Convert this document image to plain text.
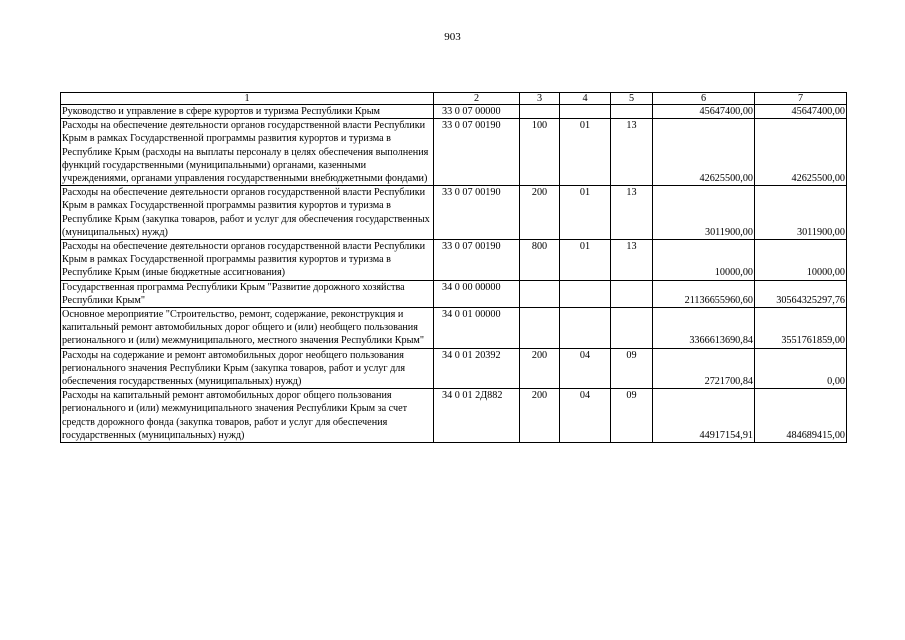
903
1	2	3	4	5	6	7
Руководство и управление в сфере курортов и туризма Республики Крым	33 0 07 00000				45647400,00	45647400,00
Расходы на обеспечение деятельности органов государственной власти Республики Крым в рамках Государственной программы развития курортов и туризма в Республике Крым (расходы на выплаты персоналу в целях обеспечения выполнения функций государственными (муниципальными) органами, казенными учреждениями, органами управления государственными внебюджетными фондами)	33 0 07 00190	100	01	13	42625500,00	42625500,00
Расходы на обеспечение деятельности органов государственной власти Республики Крым в рамках Государственной программы развития курортов и туризма в Республике Крым (закупка товаров, работ и услуг для обеспечения государственных (муниципальных) нужд)	33 0 07 00190	200	01	13	3011900,00	3011900,00
Расходы на обеспечение деятельности органов государственной власти Республики Крым в рамках Государственной программы развития курортов и туризма в Республике Крым (иные бюджетные ассигнования)	33 0 07 00190	800	01	13	10000,00	10000,00
Государственная программа Республики Крым "Развитие дорожного хозяйства Республики Крым"	34 0 00 00000				21136655960,60	30564325297,76
Основное мероприятие "Строительство, ремонт, содержание, реконструкция и капитальный ремонт автомобильных дорог общего и (или) необщего пользования регионального и (или) межмуниципального, местного значения Республики Крым"	34 0 01 00000				3366613690,84	3551761859,00
Расходы на содержание и ремонт автомобильных дорог необщего пользования регионального значения Республики Крым (закупка товаров, работ и услуг для обеспечения государственных (муниципальных) нужд)	34 0 01 20392	200	04	09	2721700,84	0,00
Расходы на капитальный ремонт автомобильных дорог общего пользования регионального и (или) межмуниципального значения Республики Крым за счет средств дорожного фонда (закупка товаров, работ и услуг для обеспечения государственных (муниципальных) нужд)	34 0 01 2Д882	200	04	09	44917154,91	484689415,00
